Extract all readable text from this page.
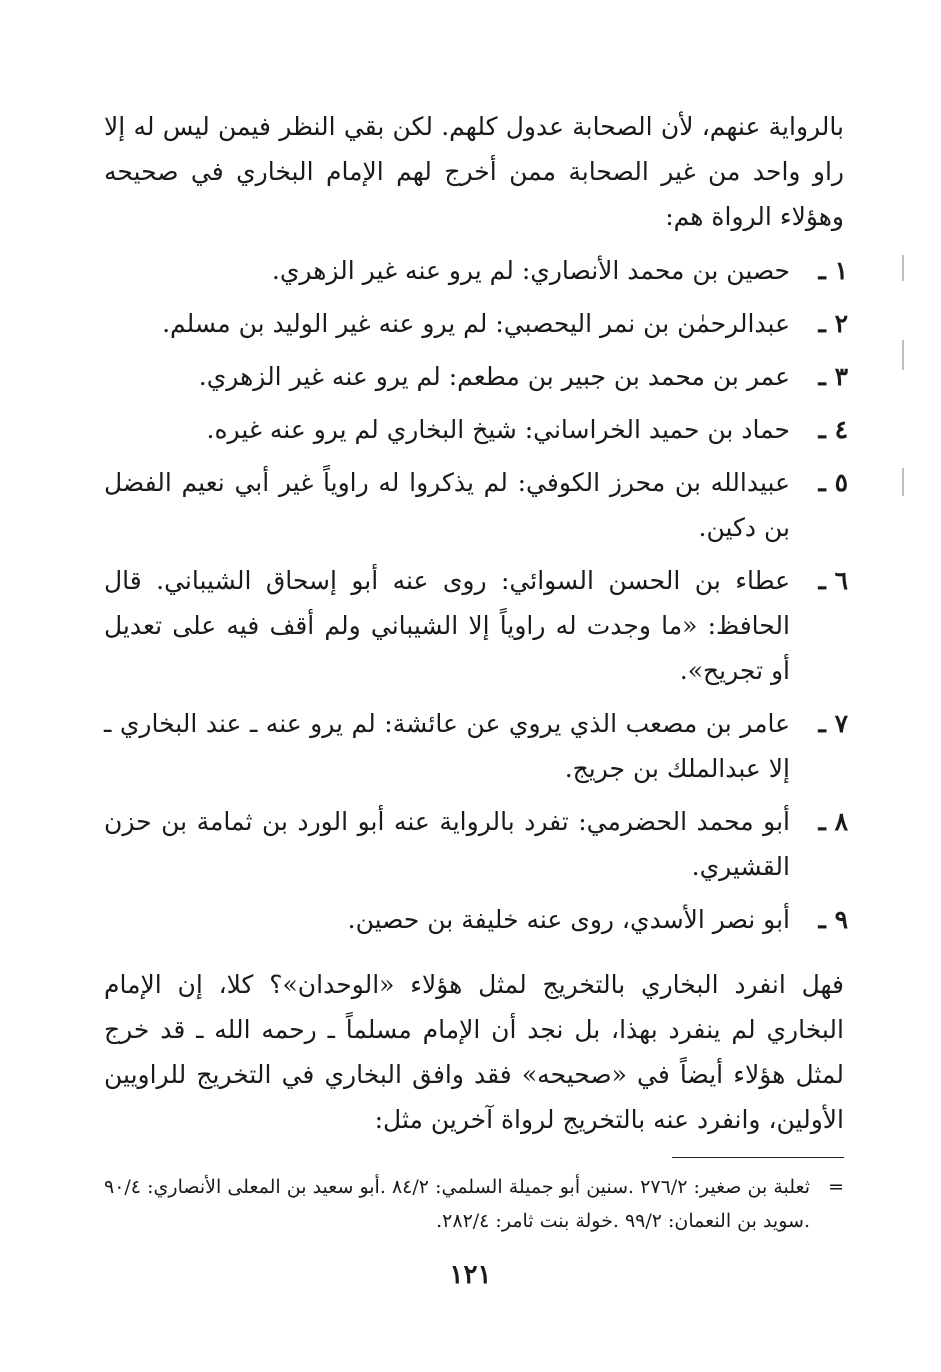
بالرواية عنهم، لأن الصحابة عدول كلهم. لكن بقي النظر فيمن ليس له إلا راو واحد من غير الصحابة ممن أخرج لهم الإمام البخاري في صحيحه وهؤلاء الرواة هم:

١ ـ
حصين بن محمد الأنصاري: لم يرو عنه غير الزهري.
٢ ـ
عبدالرحمٰن بن نمر اليحصبي: لم يرو عنه غير الوليد بن مسلم.
٣ ـ
عمر بن محمد بن جبير بن مطعم: لم يرو عنه غير الزهري.
٤ ـ
حماد بن حميد الخراساني: شيخ البخاري لم يرو عنه غيره.
٥ ـ
عبيدالله بن محرز الكوفي: لم يذكروا له راوياً غير أبي نعيم الفضل بن دكين.
٦ ـ
عطاء بن الحسن السوائي: روى عنه أبو إسحاق الشيباني. قال الحافظ: «ما وجدت له راوياً إلا الشيباني ولم أقف فيه على تعديل أو تجريح».
٧ ـ
عامر بن مصعب الذي يروي عن عائشة: لم يرو عنه ـ عند البخاري ـ إلا عبدالملك بن جريج.
٨ ـ
أبو محمد الحضرمي: تفرد بالرواية عنه أبو الورد بن ثمامة بن حزن القشيري.
٩ ـ
أبو نصر الأسدي، روى عنه خليفة بن حصين.

فهل انفرد البخاري بالتخريج لمثل هؤلاء «الوحدان»؟ كلا، إن الإمام البخاري لم ينفرد بهذا، بل نجد أن الإمام مسلماً ـ رحمه الله ـ قد خرج لمثل هؤلاء أيضاً في «صحيحه» فقد وافق البخاري في التخريج للراويين الأولين، وانفرد عنه بالتخريج لرواة آخرين مثل:

=
ثعلبة بن صغير: ٢٧٦/٢ .سنين أبو جميلة السلمي: ٨٤/٢ .أبو سعيد بن المعلى الأنصاري: ٩٠/٤ .سويد بن النعمان: ٩٩/٢ .خولة بنت ثامر: ٢٨٢/٤.
١٢١
